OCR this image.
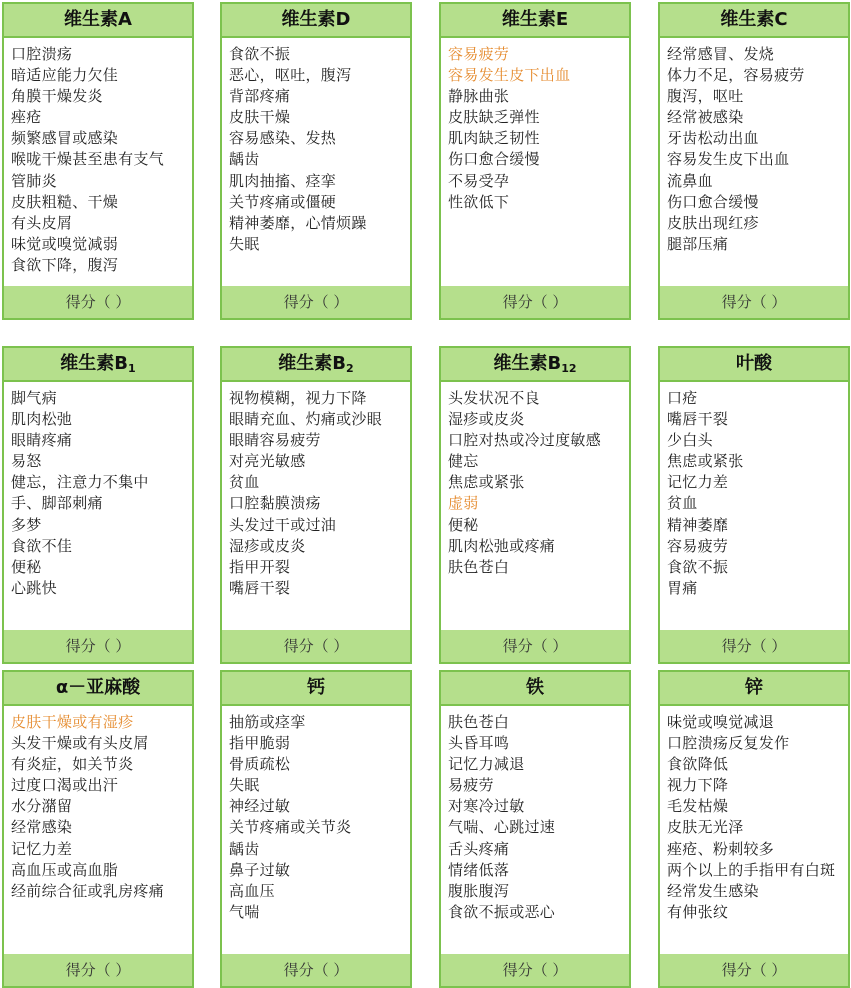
维生素A
口腔溃疡
暗适应能力欠佳
角膜干燥发炎
痤疮
频繁感冒或感染
喉咙干燥甚至患有支气
管肺炎
皮肤粗糙、干燥
有头皮屑
味觉或嗅觉减弱
食欲下降，腹泻
得分（ ）
维生素D
食欲不振
恶心，呕吐，腹泻
背部疼痛
皮肤干燥
容易感染、发热
龋齿
肌肉抽搐、痉挛
关节疼痛或僵硬
精神萎靡，心情烦躁
失眠
得分（ ）
维生素E
容易疲劳
容易发生皮下出血
静脉曲张
皮肤缺乏弹性
肌肉缺乏韧性
伤口愈合缓慢
不易受孕
性欲低下
得分（ ）
维生素C
经常感冒、发烧
体力不足，容易疲劳
腹泻，呕吐
经常被感染
牙齿松动出血
容易发生皮下出血
流鼻血
伤口愈合缓慢
皮肤出现红疹
腿部压痛
得分（ ）
维生素$B_1$
脚气病
肌肉松弛
眼睛疼痛
易怒
健忘，注意力不集中
手、脚部刺痛
多梦
食欲不佳
便秘
心跳快
得分（ ）
维生素$B_2$
视物模糊，视力下降
眼睛充血、灼痛或沙眼
眼睛容易疲劳
对亮光敏感
贫血
口腔黏膜溃疡
头发过干或过油
湿疹或皮炎
指甲开裂
嘴唇干裂
得分（ ）
维生素$B_{12}$
头发状况不良
湿疹或皮炎
口腔对热或冷过度敏感
健忘
焦虑或紧张
虚弱
便秘
肌肉松弛或疼痛
肤色苍白
得分（ ）
叶酸
口疮
嘴唇干裂
少白头
焦虑或紧张
记忆力差
贫血
精神萎靡
容易疲劳
食欲不振
胃痛
得分（ ）
α－亚麻酸
皮肤干燥或有湿疹
头发干燥或有头皮屑
有炎症，如关节炎
过度口渴或出汗
水分潴留
经常感染
记忆力差
高血压或高血脂
经前综合征或乳房疼痛
得分（ ）
钙
抽筋或痉挛
指甲脆弱
骨质疏松
失眠
神经过敏
关节疼痛或关节炎
龋齿
鼻子过敏
高血压
气喘
得分（ ）
铁
肤色苍白
头昏耳鸣
记忆力减退
易疲劳
对寒冷过敏
气喘、心跳过速
舌头疼痛
情绪低落
腹胀腹泻
食欲不振或恶心
得分（ ）
锌
味觉或嗅觉减退
口腔溃疡反复发作
食欲降低
视力下降
毛发枯燥
皮肤无光泽
痤疮、粉刺较多
两个以上的手指甲有白斑
经常发生感染
有伸张纹
得分（ ）
